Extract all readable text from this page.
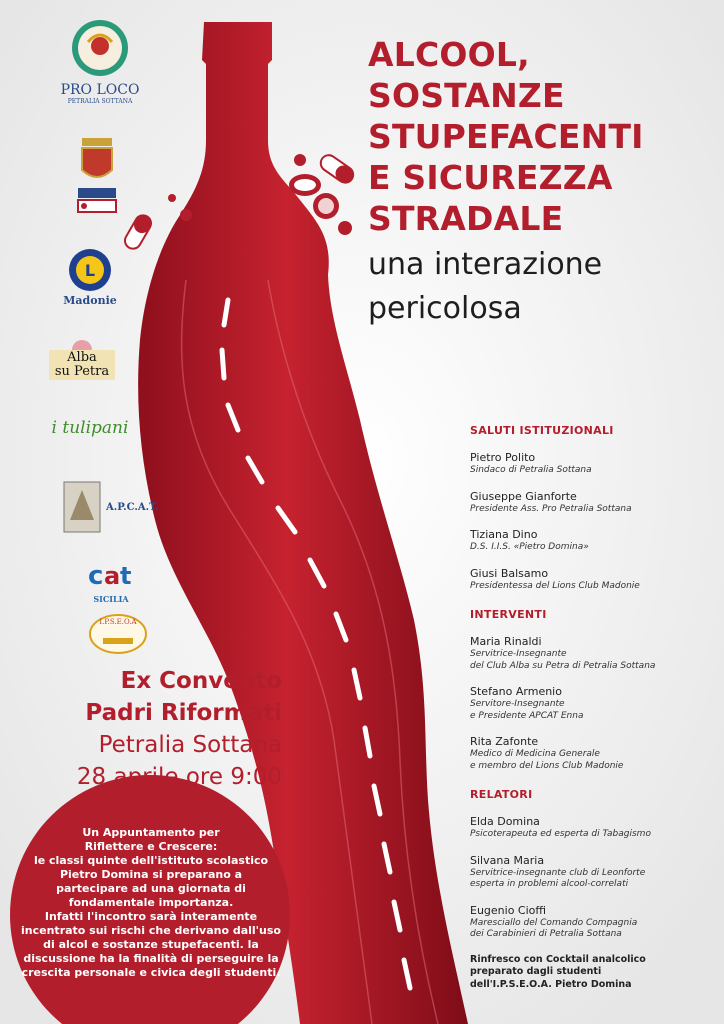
PRO LOCO
PETRALIA SOTTANA
L
Madonie
Alba
su Petra
i tulipani
A.P.C.A.T.
c a t
SICILIA
I.P.S.E.O.A
ALCOOL,
SOSTANZE
STUPEFACENTI
E SICUREZZA
STRADALE
una interazione
pericolosa
SALUTI ISTITUZIONALI
Pietro Polito
Sindaco di Petralia Sottana
Giuseppe Gianforte
Presidente Ass. Pro Petralia Sottana
Tiziana Dino
D.S. I.I.S. «Pietro Domina»
Giusi Balsamo
Presidentessa del Lions Club Madonie
INTERVENTI
Maria Rinaldi
Servitrice-Insegnante
del Club Alba su Petra di Petralia Sottana
Stefano Armenio
Servitore-Insegnante
e Presidente APCAT Enna
Rita Zafonte
Medico di Medicina Generale
e membro del Lions Club Madonie
RELATORI
Elda Domina
Psicoterapeuta ed esperta di Tabagismo
Silvana Maria
Servitrice-insegnante club di Leonforte
esperta in problemi alcool-correlati
Eugenio Cioffi
Maresciallo del Comando Compagnia
dei Carabinieri di Petralia Sottana
Rinfresco con Cocktail analcolico
preparato dagli studenti
dell'I.P.S.E.O.A. Pietro Domina
Ex Convento
Padri Riformati
Petralia Sottana
28 aprile ore 9:00
Un Appuntamento per
Riflettere e Crescere:
le classi quinte dell'istituto scolastico
Pietro Domina si preparano a
partecipare ad una giornata di
fondamentale importanza.
Infatti l'incontro sarà interamente
incentrato sui rischi che derivano dall'uso
di alcol e sostanze stupefacenti. la
discussione ha la finalità di perseguire la
crescita personale e civica degli studenti.
